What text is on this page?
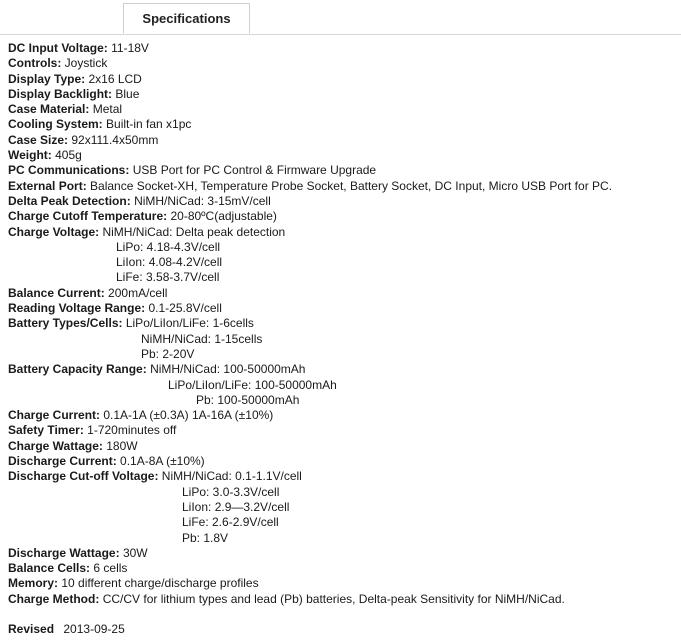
Specifications
DC Input Voltage: 11-18V
Controls: Joystick
Display Type: 2x16 LCD
Display Backlight: Blue
Case Material: Metal
Cooling System: Built-in fan x1pc
Case Size: 92x111.4x50mm
Weight: 405g
PC Communications: USB Port for PC Control & Firmware Upgrade
External Port: Balance Socket-XH, Temperature Probe Socket, Battery Socket, DC Input, Micro USB Port for PC.
Delta Peak Detection: NiMH/NiCad: 3-15mV/cell
Charge Cutoff Temperature: 20-80ºC(adjustable)
Charge Voltage: NiMH/NiCad: Delta peak detection
LiPo: 4.18-4.3V/cell
LiIon: 4.08-4.2V/cell
LiFe: 3.58-3.7V/cell
Balance Current: 200mA/cell
Reading Voltage Range: 0.1-25.8V/cell
Battery Types/Cells: LiPo/LiIon/LiFe: 1-6cells
NiMH/NiCad: 1-15cells
Pb: 2-20V
Battery Capacity Range: NiMH/NiCad: 100-50000mAh
LiPo/LiIon/LiFe: 100-50000mAh
Pb: 100-50000mAh
Charge Current: 0.1A-1A (±0.3A) 1A-16A (±10%)
Safety Timer: 1-720minutes off
Charge Wattage: 180W
Discharge Current: 0.1A-8A (±10%)
Discharge Cut-off Voltage: NiMH/NiCad: 0.1-1.1V/cell
LiPo: 3.0-3.3V/cell
LiIon: 2.9—3.2V/cell
LiFe: 2.6-2.9V/cell
Pb: 1.8V
Discharge Wattage: 30W
Balance Cells: 6 cells
Memory: 10 different charge/discharge profiles
Charge Method: CC/CV for lithium types and lead (Pb) batteries, Delta-peak Sensitivity for NiMH/NiCad.
Revised 2013-09-25
